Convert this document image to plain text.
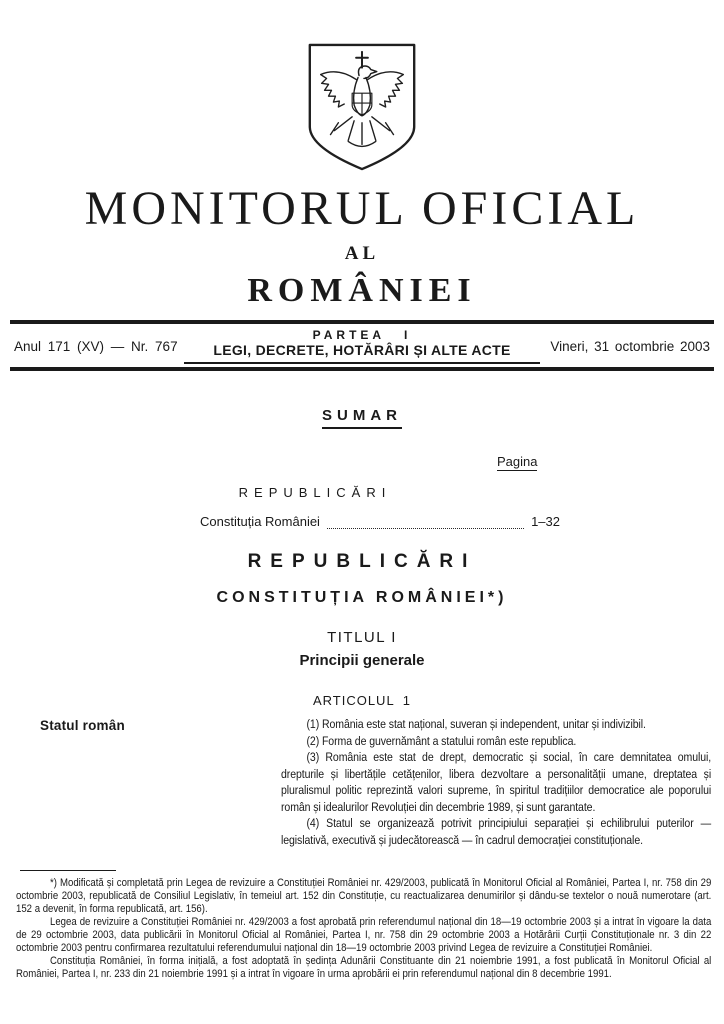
MONITORUL OFICIAL
AL
ROMÂNIEI
Anul 171 (XV) — Nr. 767
PARTEA I
LEGI, DECRETE, HOTĂRÂRI ȘI ALTE ACTE	Vineri, 31 octombrie 2003
SUMAR
Pagina
REPUBLICĂRI
Constituția României	1–32
REPUBLICĂRI
CONSTITUȚIA ROMÂNIEI*)
TITLUL I
Principii generale
ARTICOLUL 1
Statul român	(1) România este stat național, suveran și independent, unitar și indivizibil.

(2) Forma de guvernământ a statului român este republica.

(3) România este stat de drept, democratic și social, în care demnitatea omului, drepturile și libertățile cetățenilor, libera dezvoltare a personalității umane, dreptatea și pluralismul politic reprezintă valori supreme, în spiritul tradițiilor democratice ale poporului român și idealurilor Revoluției din decembrie 1989, și sunt garantate.

(4) Statul se organizează potrivit principiului separației și echilibrului puterilor — legislativă, executivă și judecătorească — în cadrul democrației constituționale.

*) Modificată și completată prin Legea de revizuire a Constituției României nr. 429/2003, publicată în Monitorul Oficial al României, Partea I, nr. 758 din 29 octombrie 2003, republicată de Consiliul Legislativ, în temeiul art. 152 din Constituție, cu reactualizarea denumirilor și dându-se textelor o nouă numerotare (art. 152 a devenit, în forma republicată, art. 156).

Legea de revizuire a Constituției României nr. 429/2003 a fost aprobată prin referendumul național din 18—19 octombrie 2003 și a intrat în vigoare la data de 29 octombrie 2003, data publicării în Monitorul Oficial al României, Partea I, nr. 758 din 29 octombrie 2003 a Hotărârii Curții Constituționale nr. 3 din 22 octombrie 2003 pentru confirmarea rezultatului referendumului național din 18—19 octombrie 2003 privind Legea de revizuire a Constituției României.

Constituția României, în forma inițială, a fost adoptată în ședința Adunării Constituante din 21 noiembrie 1991, a fost publicată în Monitorul Oficial al României, Partea I, nr. 233 din 21 noiembrie 1991 și a intrat în vigoare în urma aprobării ei prin referendumul național din 8 decembrie 1991.
